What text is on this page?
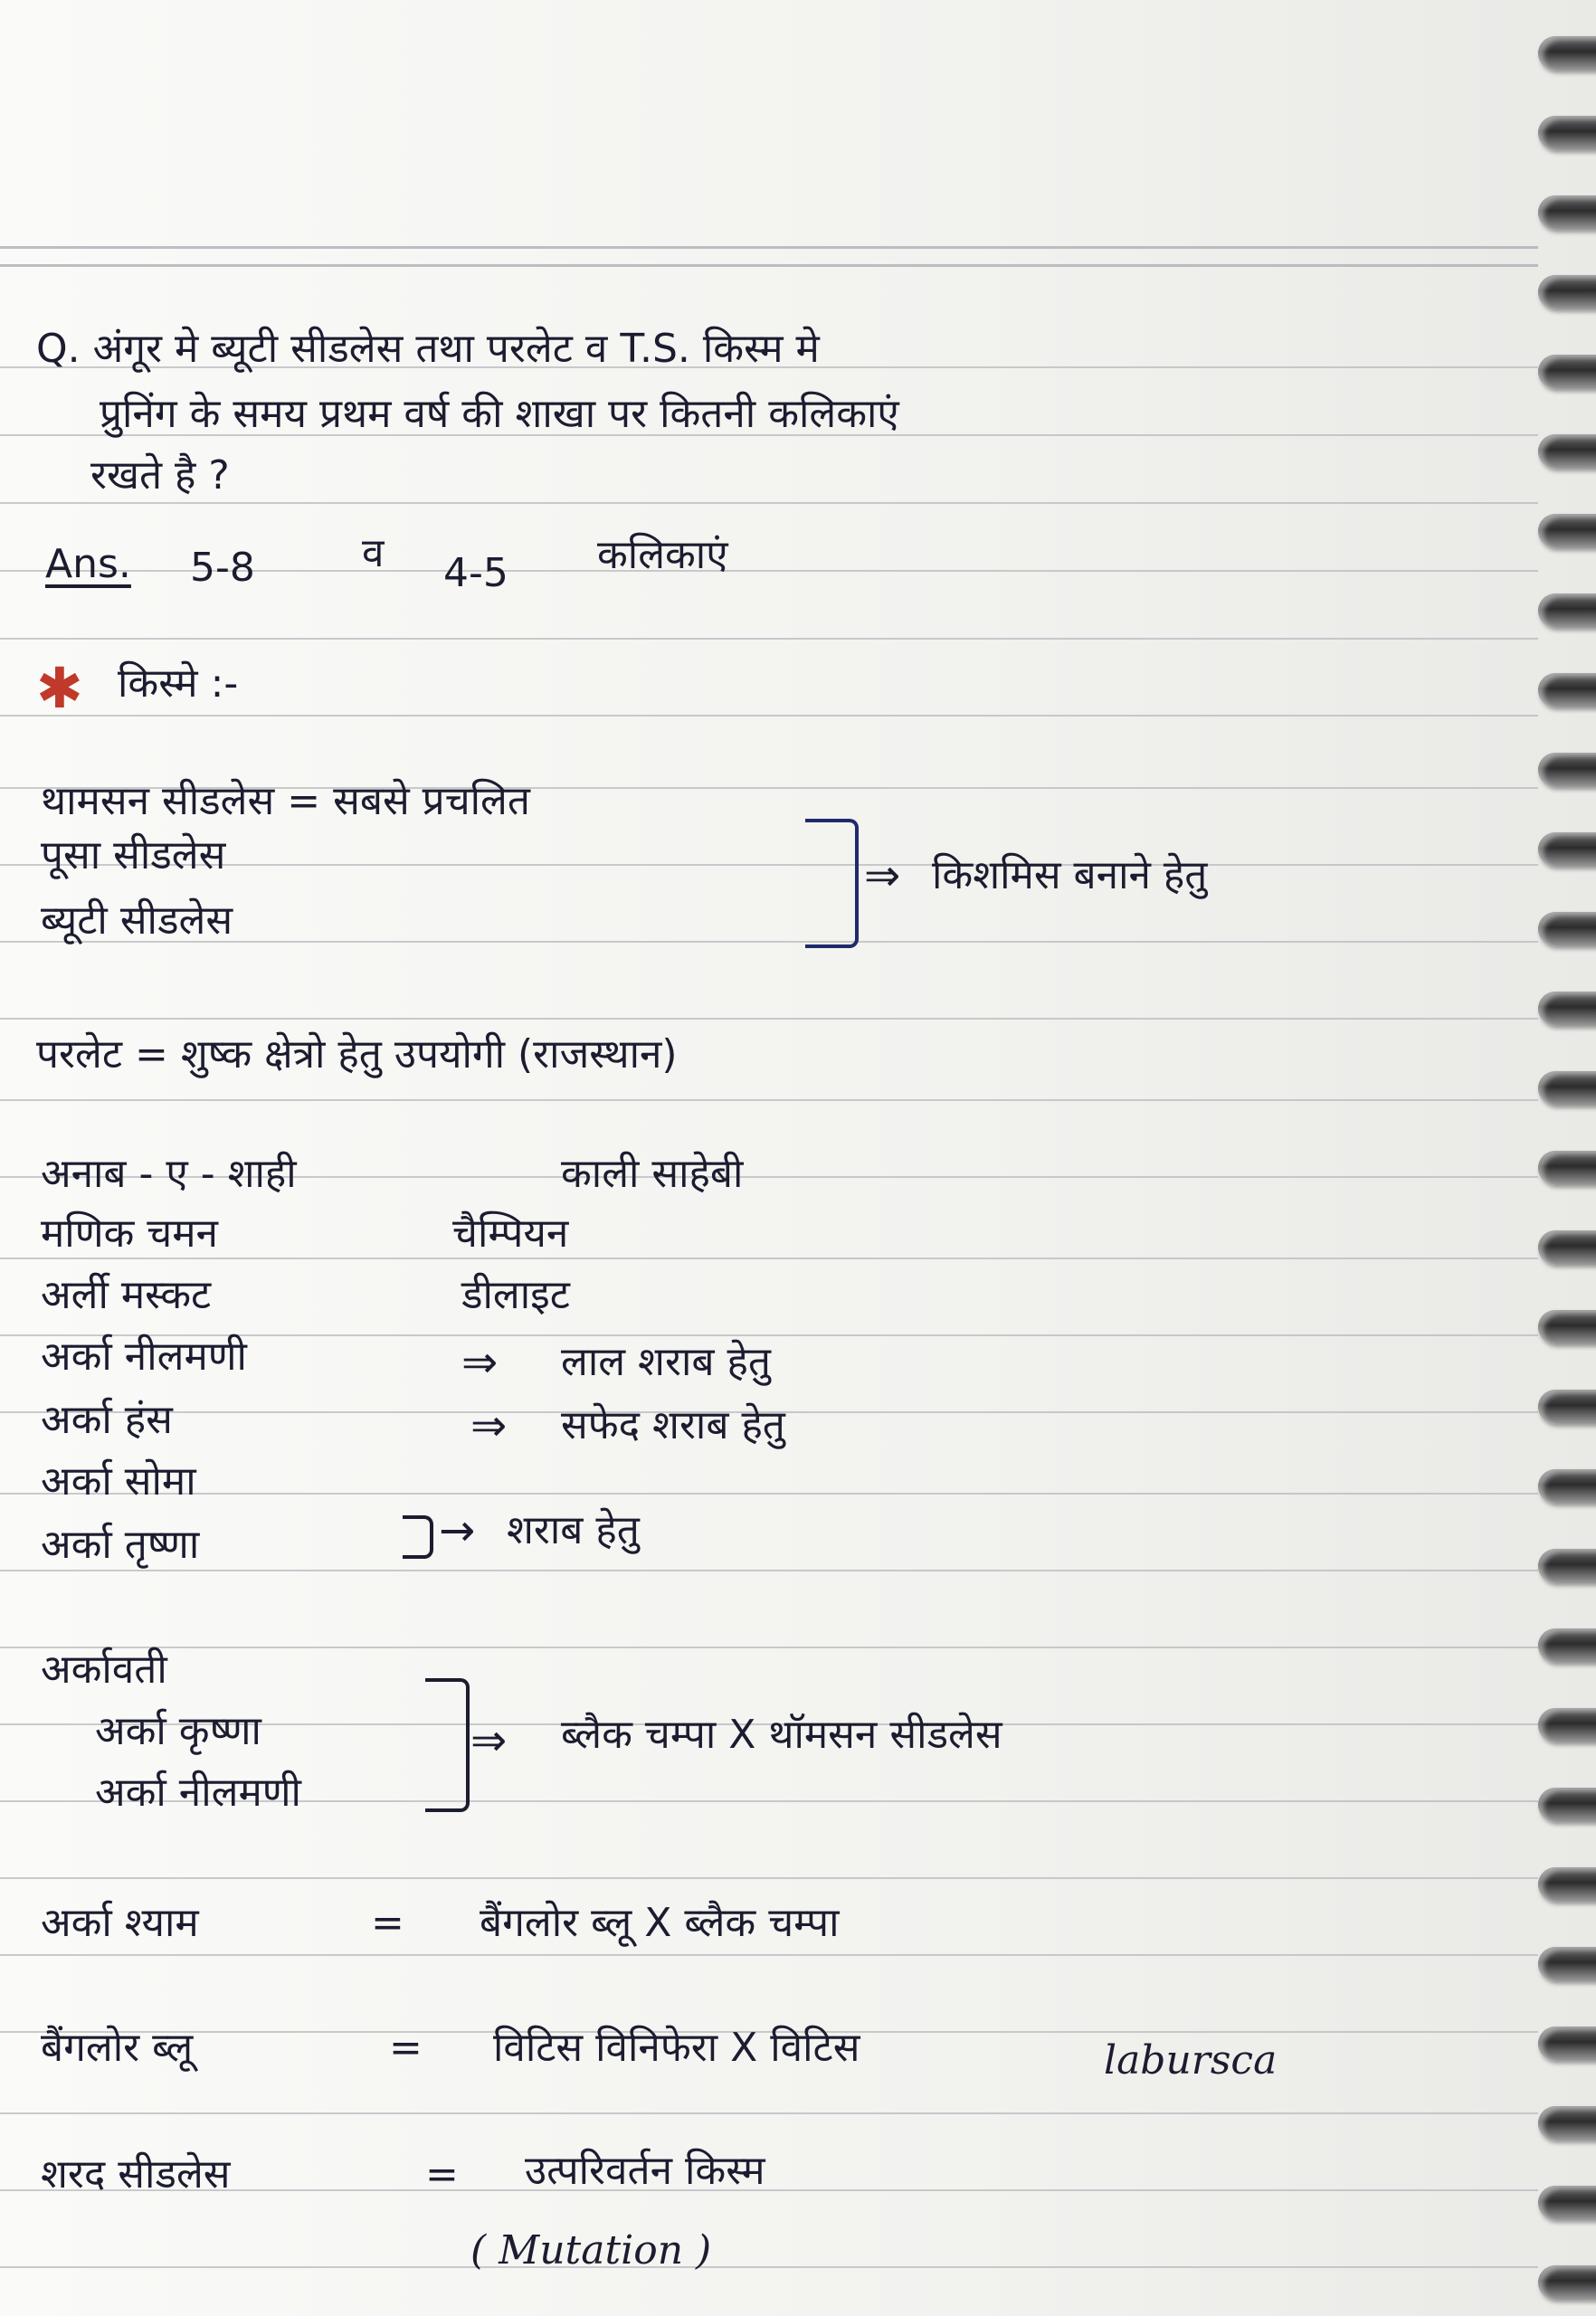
Q. अंगूर मे ब्यूटी सीडलेस तथा परलेट व T.S. किस्म मे
प्रुनिंग के समय प्रथम वर्ष की शाखा पर कितनी कलिकाएं
रखते है ?
Ans. 5-8	व 4-5 कलिकाएं
✱ किस्मे :-
थामसन सीडलेस = सबसे प्रचलित
पूसा सीडलेस
ब्यूटी सीडलेस
⇒ किशमिस बनाने हेतु
परलेट = शुष्क क्षेत्रो हेतु उपयोगी (राजस्थान)
अनाब - ए - शाही	काली साहेबी
मणिक चमन	चैम्पियन
अर्ली मस्कट	डीलाइट
अर्का नीलमणी	⇒ लाल शराब हेतु
अर्का हंस	⇒ सफेद शराब हेतु
अर्का सोमा
अर्का तृष्णा	→ शराब हेतु
अर्कावती
अर्का कृष्णा
अर्का नीलमणी
⇒ ब्लैक चम्पा X थॉमसन सीडलेस
अर्का श्याम	= बैंगलोर ब्लू X ब्लैक चम्पा
बैंगलोर ब्लू	= विटिस विनिफेरा X विटिस	labursca
शरद सीडलेस	= उत्परिवर्तन किस्म
( Mutation )
